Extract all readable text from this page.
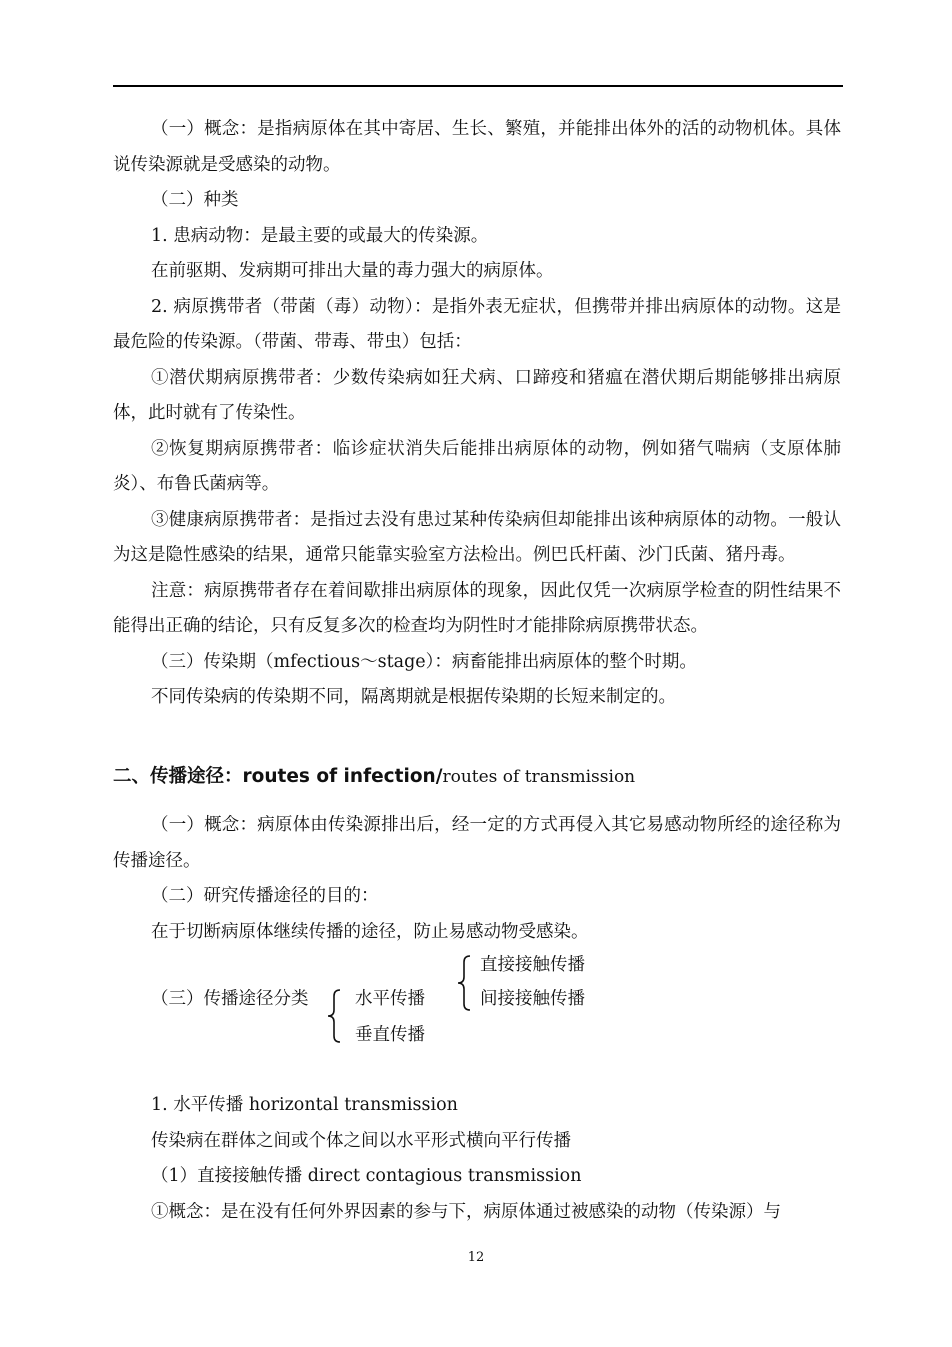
（一）概念：是指病原体在其中寄居、生长、繁殖，并能排出体外的活的动物机体。具体说传染源就是受感染的动物。

（二）种类

1. 患病动物：是最主要的或最大的传染源。

在前驱期、发病期可排出大量的毒力强大的病原体。

2. 病原携带者（带菌（毒）动物）：是指外表无症状，但携带并排出病原体的动物。这是最危险的传染源。（带菌、带毒、带虫）包括：

①潜伏期病原携带者：少数传染病如狂犬病、口蹄疫和猪瘟在潜伏期后期能够排出病原体，此时就有了传染性。

②恢复期病原携带者：临诊症状消失后能排出病原体的动物，例如猪气喘病（支原体肺炎）、布鲁氏菌病等。

③健康病原携带者：是指过去没有患过某种传染病但却能排出该种病原体的动物。一般认为这是隐性感染的结果，通常只能靠实验室方法检出。例巴氏杆菌、沙门氏菌、猪丹毒。

注意：病原携带者存在着间歇排出病原体的现象，因此仅凭一次病原学检查的阴性结果不能得出正确的结论，只有反复多次的检查均为阴性时才能排除病原携带状态。

（三）传染期（mfectious～stage）：病畜能排出病原体的整个时期。

不同传染病的传染期不同，隔离期就是根据传染期的长短来制定的。

二、传播途径：routes of infection/routes of transmission

（一）概念：病原体由传染源排出后，经一定的方式再侵入其它易感动物所经的途径称为传播途径。

（二）研究传播途径的目的：

在于切断病原体继续传播的途径，防止易感动物受感染。

（三）传播途径分类	水平传播
垂直传播
直接接触传播
间接接触传播

1. 水平传播 horizontal transmission

传染病在群体之间或个体之间以水平形式横向平行传播

（1）直接接触传播 direct contagious transmission

①概念：是在没有任何外界因素的参与下，病原体通过被感染的动物（传染源）与

12
